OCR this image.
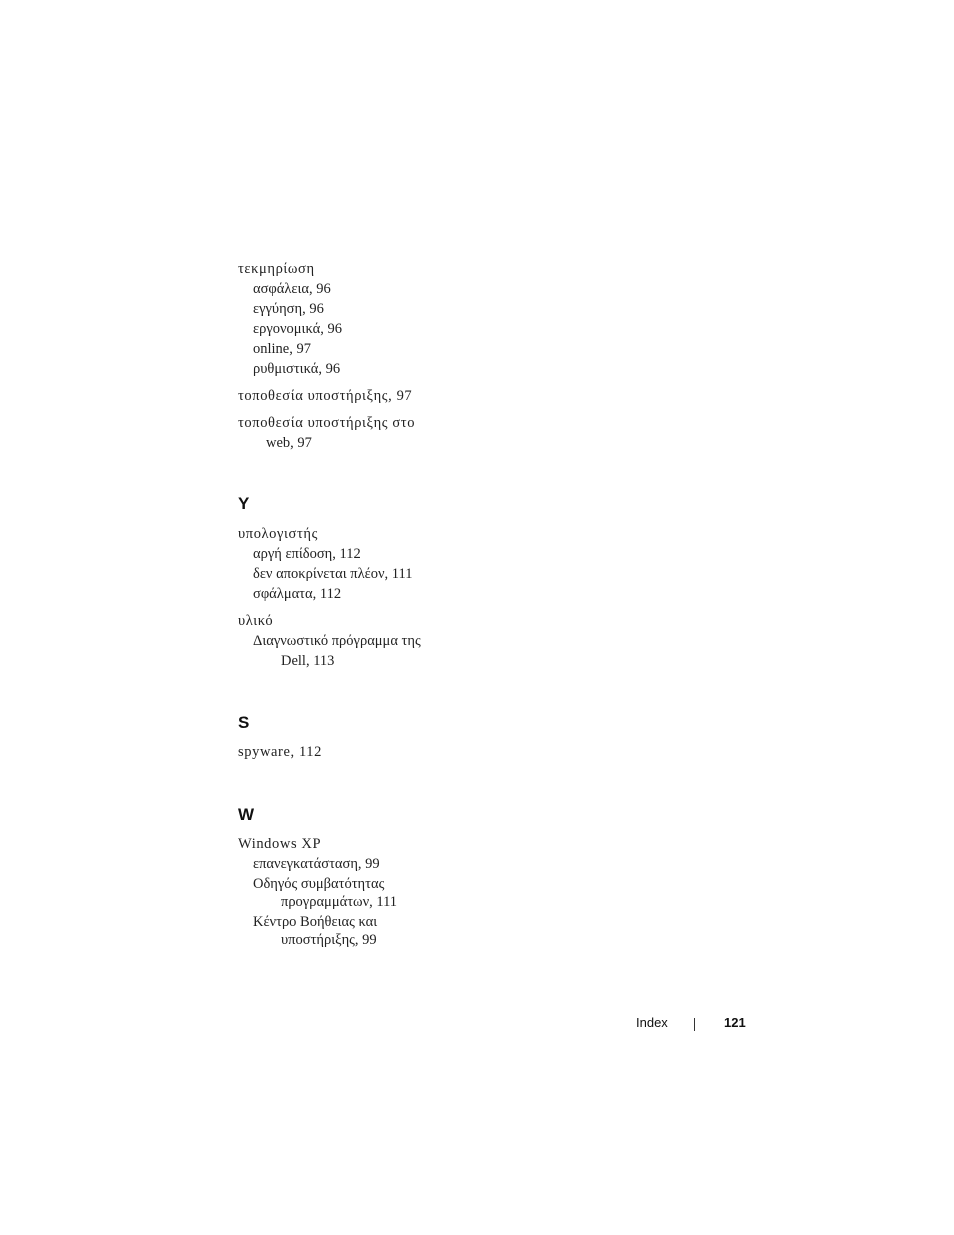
τεκμηρίωση
ασφάλεια, 96
εγγύηση, 96
εργονομικά, 96
online, 97
ρυθμιστικά, 96
τοποθεσία υποστήριξης, 97
τοποθεσία υποστήριξης στο
web, 97
Y
υπολογιστής
αργή επίδοση, 112
δεν αποκρίνεται πλέον, 111
σφάλματα, 112
υλικό
Διαγνωστικό πρόγραμμα της
Dell, 113
S
spyware, 112
W
Windows XP
επανεγκατάσταση, 99
Οδηγός συμβατότητας
προγραμμάτων, 111
Κέντρο Βοήθειας και
υποστήριξης, 99
Index	121
